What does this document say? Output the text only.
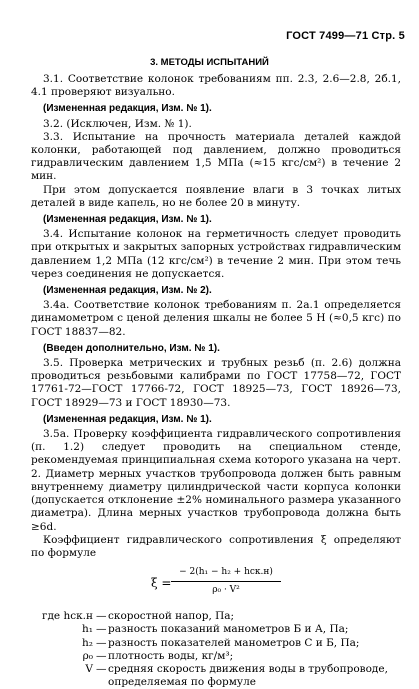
ГОСТ 7499—71 Стр. 5
3. МЕТОДЫ ИСПЫТАНИЙ

3.1. Соответствие колонок требованиям пп. 2.3, 2.6—2.8, 2б.1, 4.1 проверяют визуально.

(Измененная редакция, Изм. № 1).

3.2. (Исключен, Изм. № 1).

3.3. Испытание на прочность материала деталей каждой колонки, работающей под давлением, должно проводиться гидравлическим давлением 1,5 МПа (≈15 кгс/см²) в течение 2 мин.

При этом допускается появление влаги в 3 точках литых деталей в виде капель, но не более 20 в минуту.

(Измененная редакция, Изм. № 1).

3.4. Испытание колонок на герметичность следует проводить при открытых и закрытых запорных устройствах гидравлическим давлением 1,2 МПа (12 кгс/см²) в течение 2 мин. При этом течь через соединения не допускается.

(Измененная редакция, Изм. № 2).

3.4а. Соответствие колонок требованиям п. 2а.1 определяется динамометром с ценой деления шкалы не более 5 Н (≈0,5 кгс) по ГОСТ 18837—82.

(Введен дополнительно, Изм. № 1).

3.5. Проверка метрических и трубных резьб (п. 2.6) должна проводиться резьбовыми калибрами по ГОСТ 17758—72, ГОСТ 17761-72—ГОСТ 17766-72, ГОСТ 18925—73, ГОСТ 18926—73, ГОСТ 18929—73 и ГОСТ 18930—73.

(Измененная редакция, Изм. № 1).

3.5а. Проверку коэффициента гидравлического сопротивления (п. 1.2) следует проводить на специальном стенде, рекомендуемая принципиальная схема которого указана на черт. 2. Диаметр мерных участков трубопровода должен быть равным внутреннему диаметру цилиндрической части корпуса колонки (допускается отклонение ±2% номинального размера указанного диаметра). Длина мерных участков трубопровода должна быть ≥6d.

Коэффициент гидравлического сопротивления ξ определяют по формуле

ξ =
− 2(h₁ − h₂ + hск.н)
ρ₀ · V²
где hск.н — скоростной напор, Па;
h₁ — разность показаний манометров Б и А, Па;
h₂ — разность показателей манометров С и Б, Па;
ρ₀ — плотность воды, кг/м³;
V — средняя скорость движения воды в трубопроводе, определяемая по формуле
